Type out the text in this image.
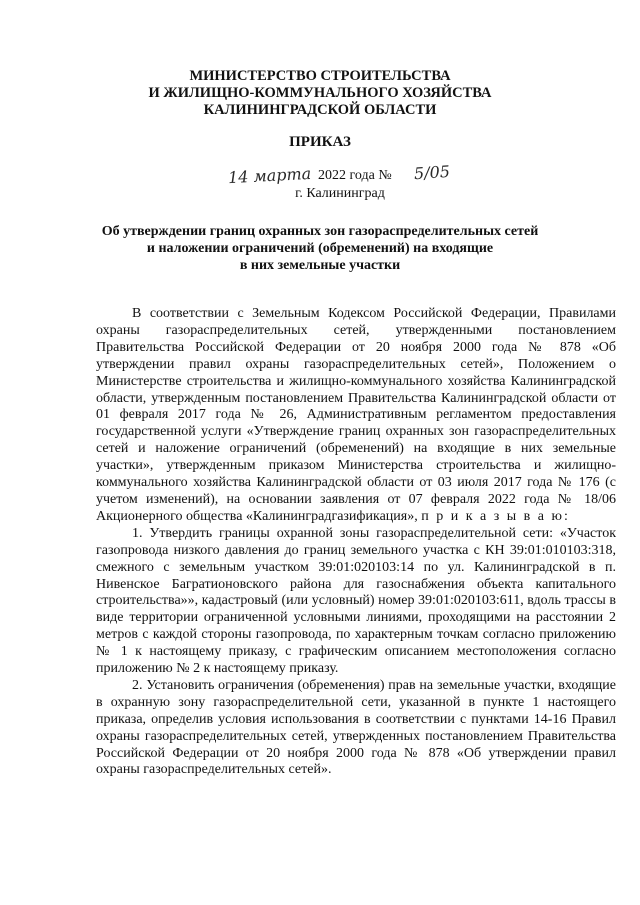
МИНИСТЕРСТВО СТРОИТЕЛЬСТВА
И ЖИЛИЩНО-КОММУНАЛЬНОГО ХОЗЯЙСТВА
КАЛИНИНГРАДСКОЙ ОБЛАСТИ
ПРИКАЗ
14 марта 2022 года № 5/05
г. Калининград
Об утверждении границ охранных зон газораспределительных сетей
и наложении ограничений (обременений) на входящие
в них земельные участки

В соответствии с Земельным Кодексом Российской Федерации, Правилами охраны газораспределительных сетей, утвержденными постановлением Правительства Российской Федерации от 20 ноября 2000 года № 878 «Об утверждении правил охраны газораспределительных сетей», Положением о Министерстве строительства и жилищно-коммунального хозяйства Калининградской области, утвержденным постановлением Правительства Калининградской области от 01 февраля 2017 года № 26, Административным регламентом предоставления государственной услуги «Утверждение границ охранных зон газораспределительных сетей и наложение ограничений (обременений) на входящие в них земельные участки», утвержденным приказом Министерства строительства и жилищно-коммунального хозяйства Калининградской области от 03 июля 2017 года № 176 (с учетом изменений), на основании заявления от 07 февраля 2022 года № 18/06 Акционерного общества «Калининградгазификация», п р и к а з ы в а ю:

1. Утвердить границы охранной зоны газораспределительной сети: «Участок газопровода низкого давления до границ земельного участка с КН 39:01:010103:318, смежного с земельным участком 39:01:020103:14 по ул. Калининградской в п. Нивенское Багратионовского района для газоснабжения объекта капитального строительства»», кадастровый (или условный) номер 39:01:020103:611, вдоль трассы в виде территории ограниченной условными линиями, проходящими на расстоянии 2 метров с каждой стороны газопровода, по характерным точкам согласно приложению № 1 к настоящему приказу, с графическим описанием местоположения согласно приложению № 2 к настоящему приказу.

2. Установить ограничения (обременения) прав на земельные участки, входящие в охранную зону газораспределительной сети, указанной в пункте 1 настоящего приказа, определив условия использования в соответствии с пунктами 14-16 Правил охраны газораспределительных сетей, утвержденных постановлением Правительства Российской Федерации от 20 ноября 2000 года № 878 «Об утверждении правил охраны газораспределительных сетей».
